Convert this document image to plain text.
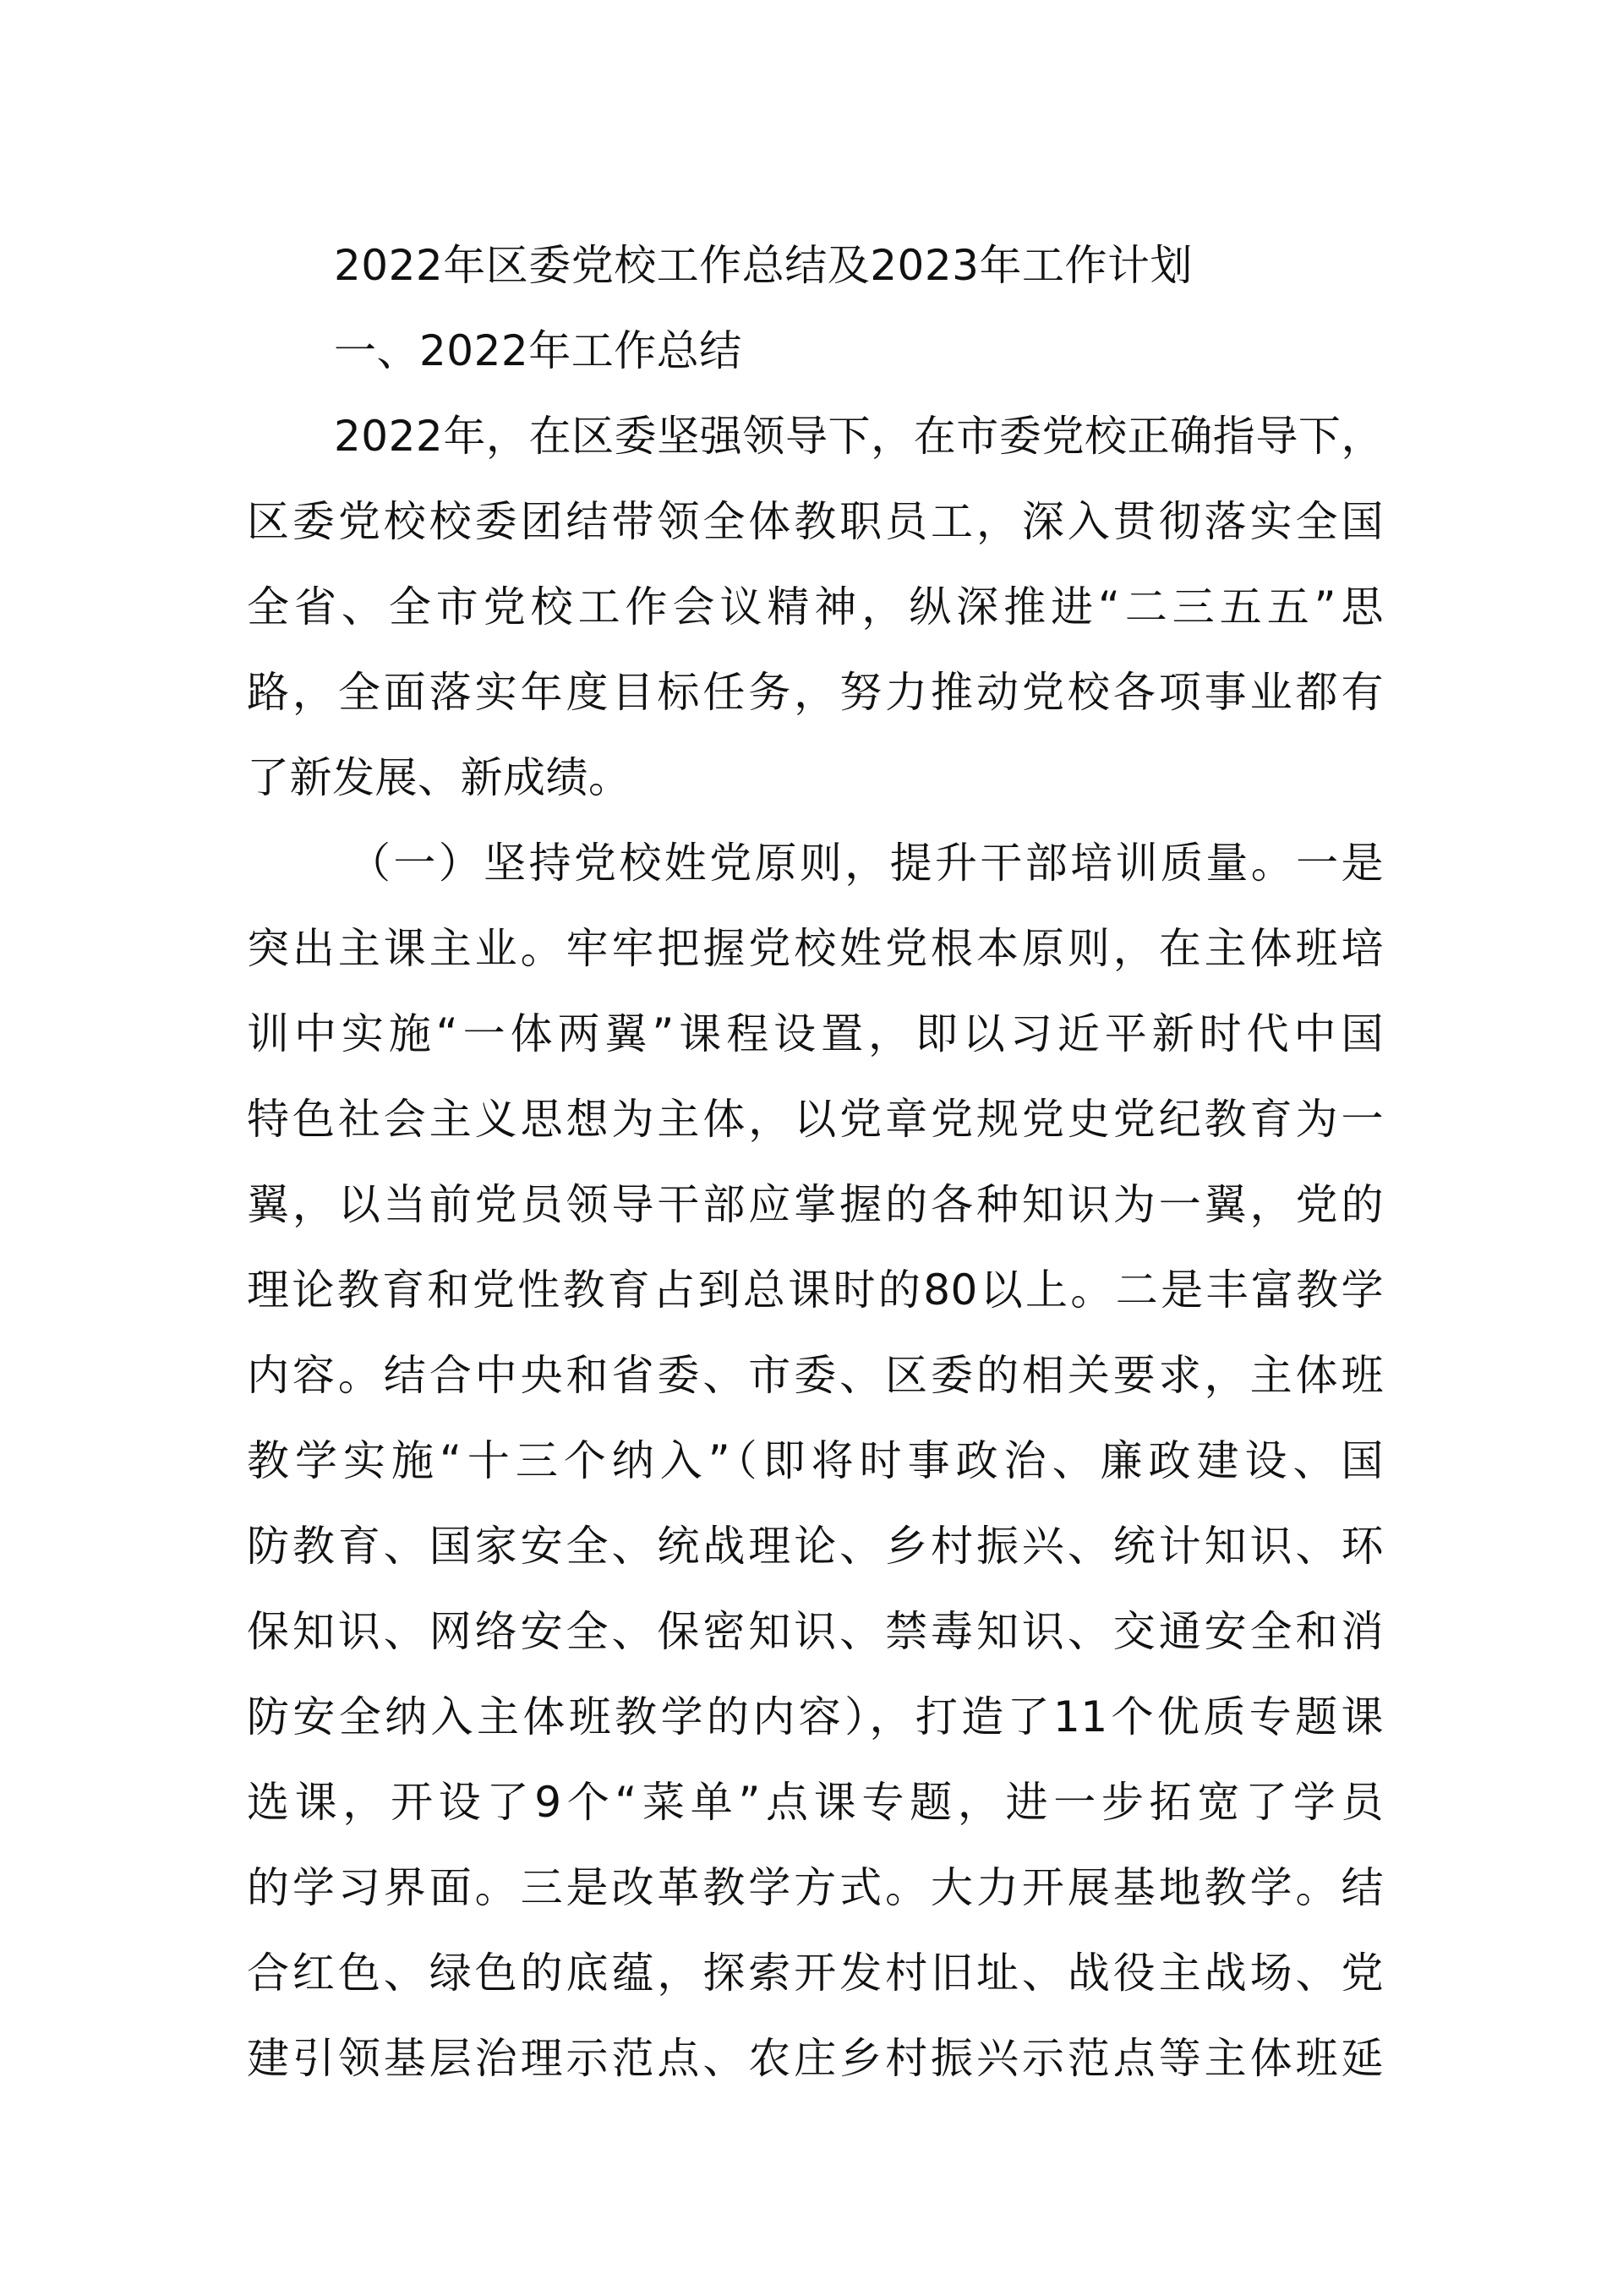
2022年区委党校工作总结及2023年工作计划
一、2022年工作总结
2022年，在区委坚强领导下，在市委党校正确指导下，
区委党校校委团结带领全体教职员工，深入贯彻落实全国
全省、全市党校工作会议精神，纵深推进“二三五五”思
路，全面落实年度目标任务，努力推动党校各项事业都有
了新发展、新成绩。
（一）坚持党校姓党原则，提升干部培训质量。一是
突出主课主业。牢牢把握党校姓党根本原则，在主体班培
训中实施“一体两翼”课程设置，即以习近平新时代中国
特色社会主义思想为主体，以党章党规党史党纪教育为一
翼，以当前党员领导干部应掌握的各种知识为一翼，党的
理论教育和党性教育占到总课时的80以上。二是丰富教学
内容。结合中央和省委、市委、区委的相关要求，主体班
教学实施“十三个纳入”（即将时事政治、廉政建设、国
防教育、国家安全、统战理论、乡村振兴、统计知识、环
保知识、网络安全、保密知识、禁毒知识、交通安全和消
防安全纳入主体班教学的内容），打造了11个优质专题课
选课，开设了9个“菜单”点课专题，进一步拓宽了学员
的学习界面。三是改革教学方式。大力开展基地教学。结
合红色、绿色的底蕴，探索开发村旧址、战役主战场、党
建引领基层治理示范点、农庄乡村振兴示范点等主体班延
